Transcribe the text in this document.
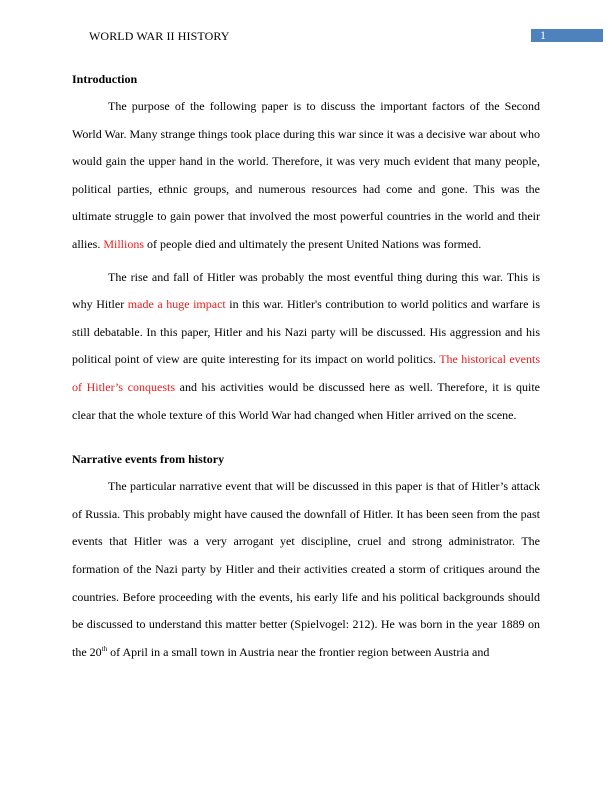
WORLD WAR II HISTORY	1
Introduction

The purpose of the following paper is to discuss the important factors of the Second World War. Many strange things took place during this war since it was a decisive war about who would gain the upper hand in the world. Therefore, it was very much evident that many people, political parties, ethnic groups, and numerous resources had come and gone. This was the ultimate struggle to gain power that involved the most powerful countries in the world and their allies. Millions of people died and ultimately the present United Nations was formed.

The rise and fall of Hitler was probably the most eventful thing during this war. This is why Hitler made a huge impact in this war. Hitler's contribution to world politics and warfare is still debatable. In this paper, Hitler and his Nazi party will be discussed. His aggression and his political point of view are quite interesting for its impact on world politics. The historical events of Hitler’s conquests and his activities would be discussed here as well. Therefore, it is quite clear that the whole texture of this World War had changed when Hitler arrived on the scene.

Narrative events from history

The particular narrative event that will be discussed in this paper is that of Hitler’s attack of Russia. This probably might have caused the downfall of Hitler. It has been seen from the past events that Hitler was a very arrogant yet discipline, cruel and strong administrator. The formation of the Nazi party by Hitler and their activities created a storm of critiques around the countries. Before proceeding with the events, his early life and his political backgrounds should be discussed to understand this matter better (Spielvogel: 212). He was born in the year 1889 on the 20th of April in a small town in Austria near the frontier region between Austria and
